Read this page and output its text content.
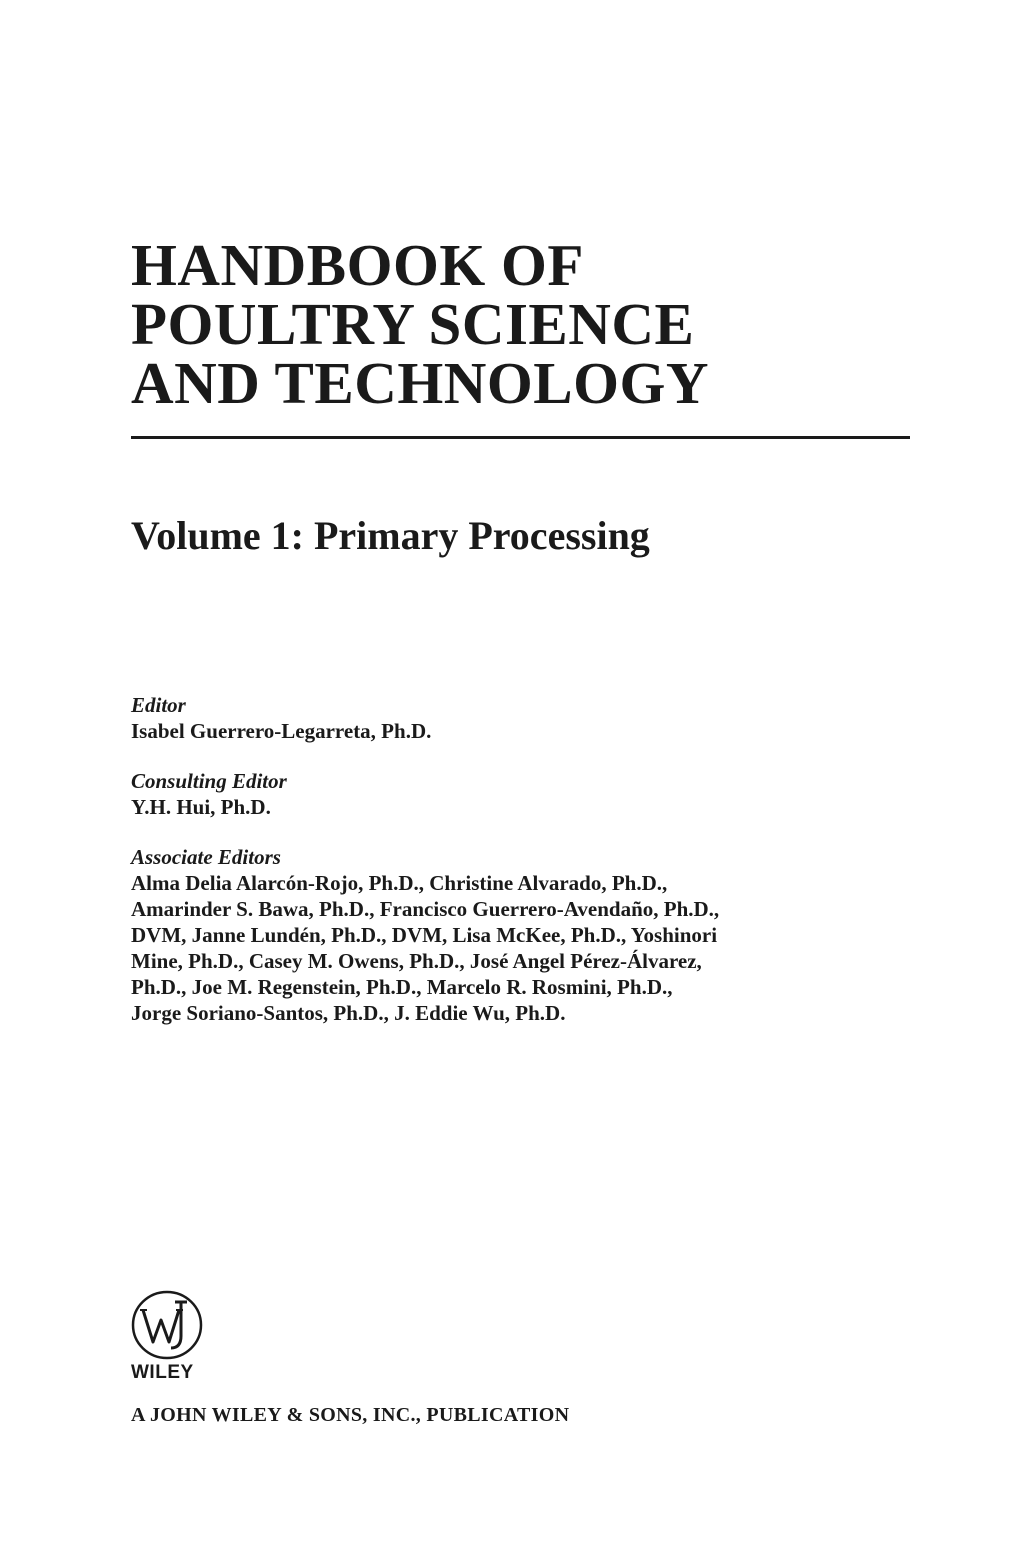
HANDBOOK OF
POULTRY SCIENCE
AND TECHNOLOGY
Volume 1: Primary Processing
Editor
Isabel Guerrero-Legarreta, Ph.D.
Consulting Editor
Y.H. Hui, Ph.D.
Associate Editors
Alma Delia Alarcón-Rojo, Ph.D., Christine Alvarado, Ph.D.,
Amarinder S. Bawa, Ph.D., Francisco Guerrero-Avendaño, Ph.D.,
DVM, Janne Lundén, Ph.D., DVM, Lisa McKee, Ph.D., Yoshinori
Mine, Ph.D., Casey M. Owens, Ph.D., José Angel Pérez-Álvarez,
Ph.D., Joe M. Regenstein, Ph.D., Marcelo R. Rosmini, Ph.D.,
Jorge Soriano-Santos, Ph.D., J. Eddie Wu, Ph.D.
WILEY
A JOHN WILEY & SONS, INC., PUBLICATION
